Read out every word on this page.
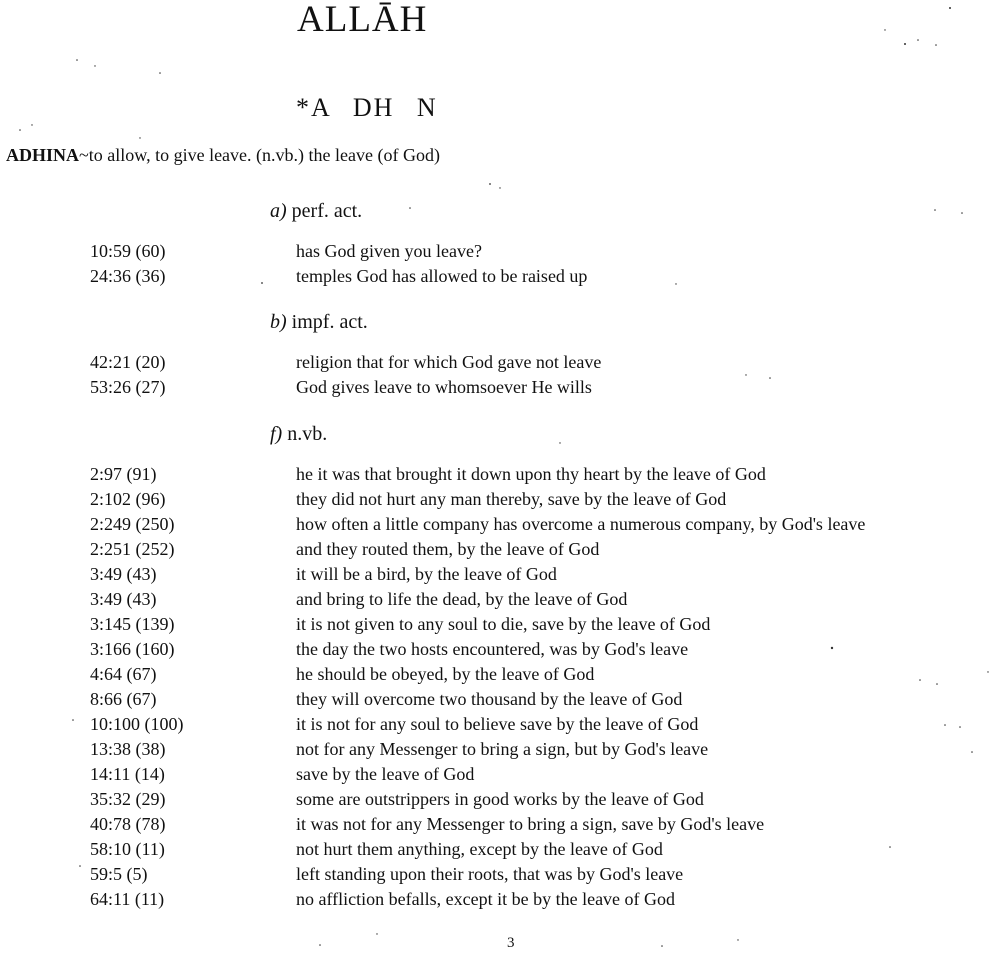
ALLĀH
*A DH N
ADHINA~to allow, to give leave. (n.vb.) the leave (of God)
a) perf. act.
10:59 (60)	has God given you leave?
24:36 (36)	temples God has allowed to be raised up
b) impf. act.
42:21 (20)	religion that for which God gave not leave
53:26 (27)	God gives leave to whomsoever He wills
f) n.vb.
2:97 (91)	he it was that brought it down upon thy heart by the leave of God
2:102 (96)	they did not hurt any man thereby, save by the leave of God
2:249 (250)	how often a little company has overcome a numerous company, by God's leave
2:251 (252)	and they routed them, by the leave of God
3:49 (43)	it will be a bird, by the leave of God
3:49 (43)	and bring to life the dead, by the leave of God
3:145 (139)	it is not given to any soul to die, save by the leave of God
3:166 (160)	the day the two hosts encountered, was by God's leave
4:64 (67)	he should be obeyed, by the leave of God
8:66 (67)	they will overcome two thousand by the leave of God
10:100 (100)	it is not for any soul to believe save by the leave of God
13:38 (38)	not for any Messenger to bring a sign, but by God's leave
14:11 (14)	save by the leave of God
35:32 (29)	some are outstrippers in good works by the leave of God
40:78 (78)	it was not for any Messenger to bring a sign, save by God's leave
58:10 (11)	not hurt them anything, except by the leave of God
59:5 (5)	left standing upon their roots, that was by God's leave
64:11 (11)	no affliction befalls, except it be by the leave of God
3
